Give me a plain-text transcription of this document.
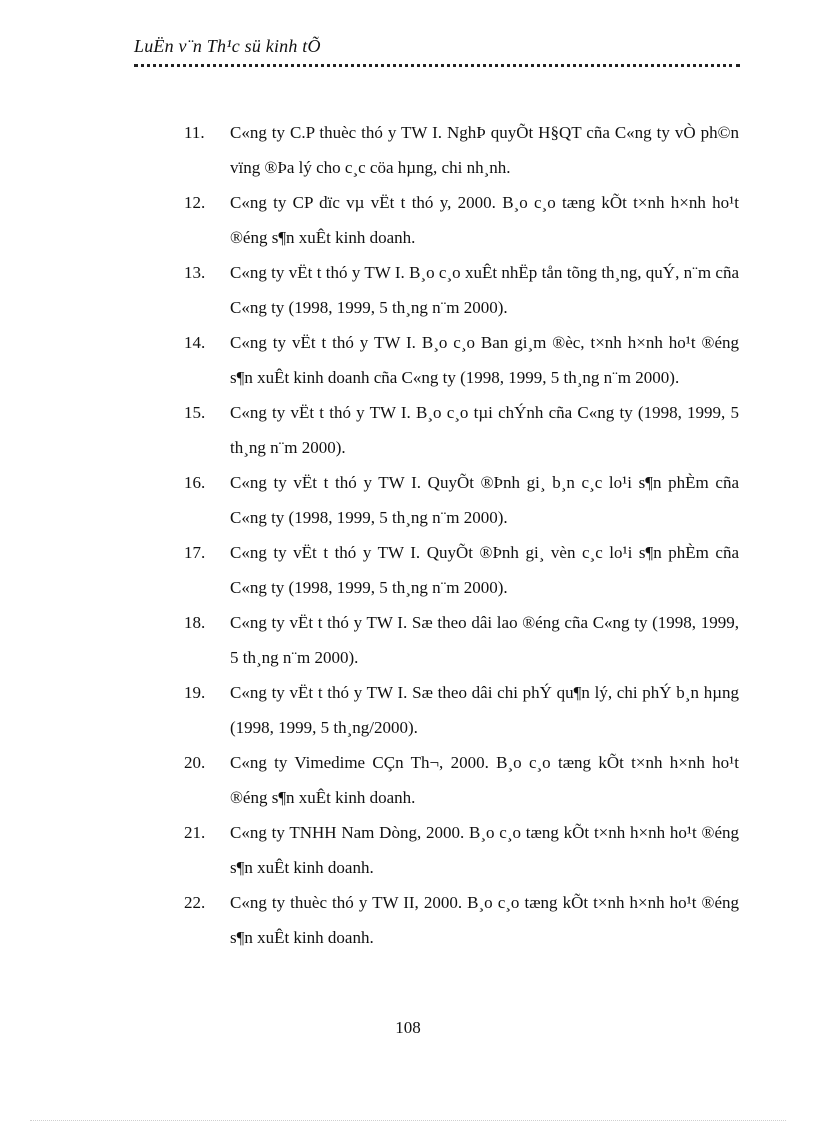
LuËn v¨n Th¹c sü kinh tÕ
11.	C«ng ty C.P thuèc thó y TW I. NghÞ quyÕt H§QT cña C«ng ty vÒ ph©n vïng ®Þa lý cho c¸c cöa hµng, chi nh¸nh.
12.	C«ng ty CP dïc vµ vËt t thó y, 2000. B¸o c¸o tæng kÕt t×nh h×nh ho¹t ®éng s¶n xuÊt kinh doanh.
13.	C«ng ty vËt t thó y TW I. B¸o c¸o xuÊt nhËp tån tõng th¸ng, quÝ, n¨m cña C«ng ty (1998, 1999, 5 th¸ng n¨m 2000).
14.	C«ng ty vËt t thó y TW I. B¸o c¸o Ban gi¸m ®èc, t×nh h×nh ho¹t ®éng s¶n xuÊt kinh doanh cña C«ng ty (1998, 1999, 5 th¸ng n¨m 2000).
15.	C«ng ty vËt t thó y TW I. B¸o c¸o tµi chÝnh cña C«ng ty (1998, 1999, 5 th¸ng n¨m 2000).
16.	C«ng ty vËt t thó y TW I. QuyÕt ®Þnh gi¸ b¸n c¸c lo¹i s¶n phÈm cña C«ng ty (1998, 1999, 5 th¸ng n¨m 2000).
17.	C«ng ty vËt t thó y TW I. QuyÕt ®Þnh gi¸ vèn c¸c lo¹i s¶n phÈm cña C«ng ty (1998, 1999, 5 th¸ng n¨m 2000).
18.	C«ng ty vËt t thó y TW I. Sæ theo dâi lao ®éng cña C«ng ty (1998, 1999, 5 th¸ng n¨m 2000).
19.	C«ng ty vËt t thó y TW I. Sæ theo dâi chi phÝ qu¶n lý, chi phÝ b¸n hµng (1998, 1999, 5 th¸ng/2000).
20.	C«ng ty Vimedime CÇn Th¬, 2000. B¸o c¸o tæng kÕt t×nh h×nh ho¹t ®éng s¶n xuÊt kinh doanh.
21.	C«ng ty TNHH Nam Dòng, 2000. B¸o c¸o tæng kÕt t×nh h×nh ho¹t ®éng s¶n xuÊt kinh doanh.
22.	C«ng ty thuèc thó y TW II, 2000. B¸o c¸o tæng kÕt t×nh h×nh ho¹t ®éng s¶n xuÊt kinh doanh.
108
